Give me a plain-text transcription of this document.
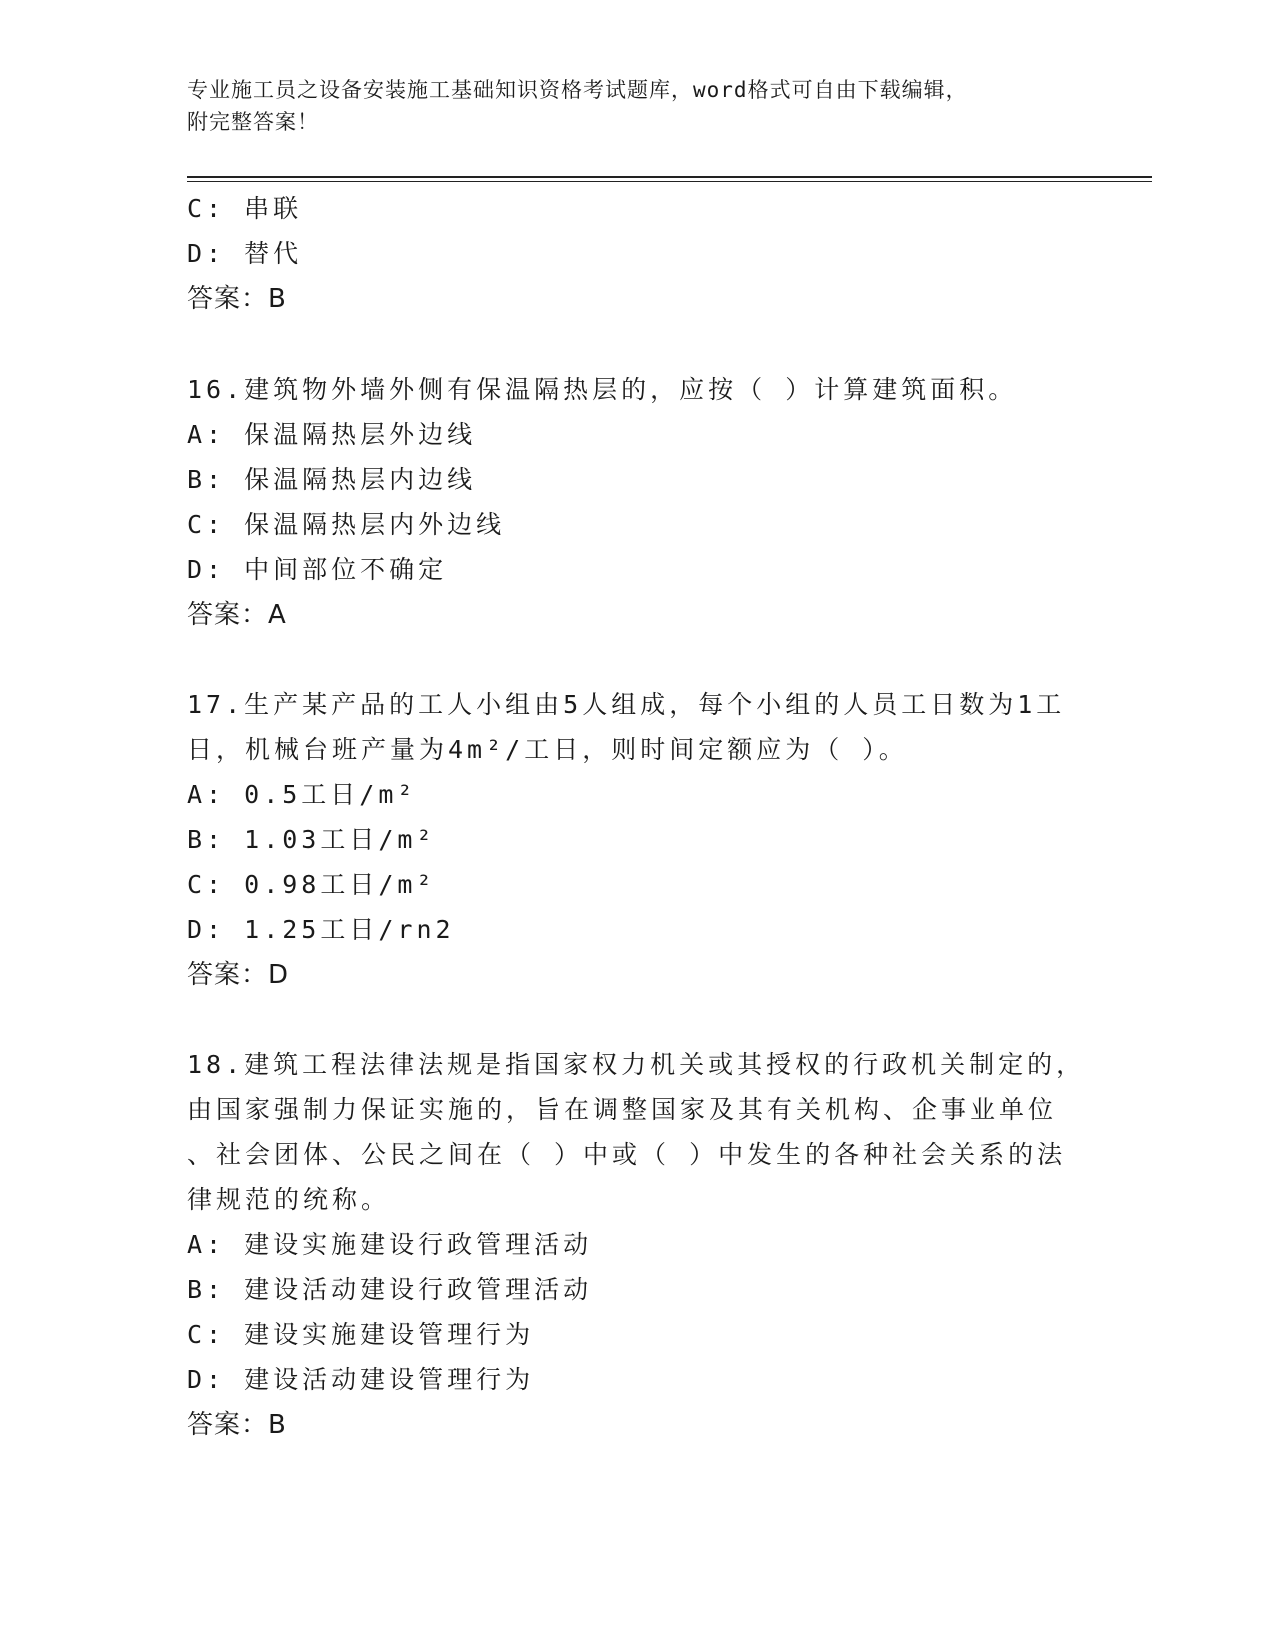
专业施工员之设备安装施工基础知识资格考试题库，word格式可自由下载编辑，
附完整答案！
C: 串联
D: 替代
答案：B
16.建筑物外墙外侧有保温隔热层的，应按（ ）计算建筑面积。
A: 保温隔热层外边线
B: 保温隔热层内边线
C: 保温隔热层内外边线
D: 中间部位不确定
答案：A
17.生产某产品的工人小组由5人组成，每个小组的人员工日数为1工
日，机械台班产量为4m²/工日，则时间定额应为（ ）。
A: 0.5工日/m²
B: 1.03工日/m²
C: 0.98工日/m²
D: 1.25工日/rn2
答案：D
18.建筑工程法律法规是指国家权力机关或其授权的行政机关制定的，
由国家强制力保证实施的，旨在调整国家及其有关机构、企事业单位
、社会团体、公民之间在（ ）中或（ ）中发生的各种社会关系的法
律规范的统称。
A: 建设实施建设行政管理活动
B: 建设活动建设行政管理活动
C: 建设实施建设管理行为
D: 建设活动建设管理行为
答案：B
